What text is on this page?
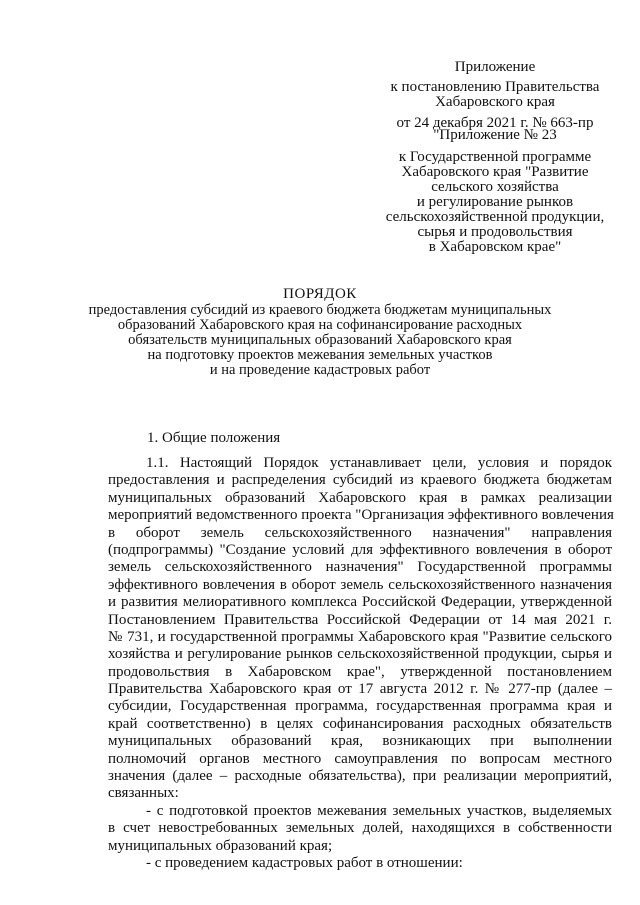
Приложение
к постановлению Правительства
Хабаровского края
от 24 декабря 2021 г. № 663-пр
"Приложение № 23
к Государственной программе
Хабаровского края "Развитие
сельского хозяйства
и регулирование рынков
сельскохозяйственной продукции,
сырья и продовольствия
в Хабаровском крае"
ПОРЯДОК
предоставления субсидий из краевого бюджета бюджетам муниципальных
образований Хабаровского края на софинансирование расходных
обязательств муниципальных образований Хабаровского края
на подготовку проектов межевания земельных участков
и на проведение кадастровых работ
1. Общие положения
1.1. Настоящий Порядок устанавливает цели, условия и порядок
предоставления и распределения субсидий из краевого бюджета бюджетам
муниципальных образований Хабаровского края в рамках реализации
мероприятий ведомственного проекта "Организация эффективного вовлечения
в оборот земель сельскохозяйственного назначения" направления
(подпрограммы) "Создание условий для эффективного вовлечения в оборот
земель сельскохозяйственного назначения" Государственной программы
эффективного вовлечения в оборот земель сельскохозяйственного назначения
и развития мелиоративного комплекса Российской Федерации, утвержденной
Постановлением Правительства Российской Федерации от 14 мая 2021 г.
№ 731, и государственной программы Хабаровского края "Развитие сельского
хозяйства и регулирование рынков сельскохозяйственной продукции, сырья и
продовольствия в Хабаровском крае", утвержденной постановлением
Правительства Хабаровского края от 17 августа 2012 г. № 277-пр (далее –
субсидии, Государственная программа, государственная программа края и
край соответственно) в целях софинансирования расходных обязательств
муниципальных образований края, возникающих при выполнении
полномочий органов местного самоуправления по вопросам местного
значения (далее – расходные обязательства), при реализации мероприятий,
связанных:
- с подготовкой проектов межевания земельных участков, выделяемых
в счет невостребованных земельных долей, находящихся в собственности
муниципальных образований края;
- с проведением кадастровых работ в отношении:
